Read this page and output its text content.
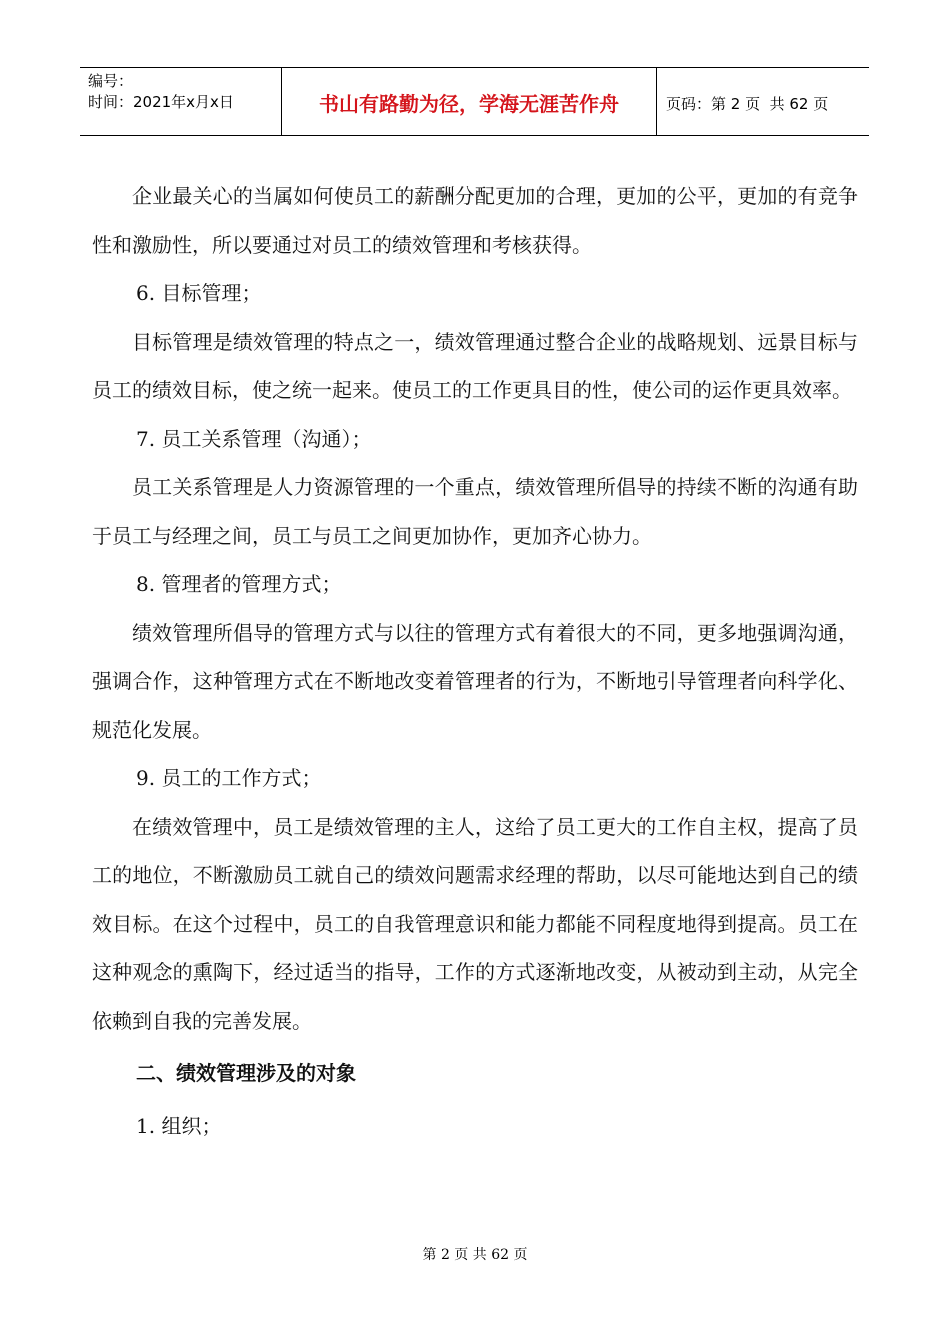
编号：
时间：2021年x月x日	书山有路勤为径，学海无涯苦作舟	页码：第 2 页  共 62 页

企业最关心的当属如何使员工的薪酬分配更加的合理，更加的公平，更加的有竞争性和激励性，所以要通过对员工的绩效管理和考核获得。

6. 目标管理；

目标管理是绩效管理的特点之一，绩效管理通过整合企业的战略规划、远景目标与员工的绩效目标，使之统一起来。使员工的工作更具目的性，使公司的运作更具效率。

7. 员工关系管理（沟通）；

员工关系管理是人力资源管理的一个重点，绩效管理所倡导的持续不断的沟通有助于员工与经理之间，员工与员工之间更加协作，更加齐心协力。

8. 管理者的管理方式；

绩效管理所倡导的管理方式与以往的管理方式有着很大的不同，更多地强调沟通，强调合作，这种管理方式在不断地改变着管理者的行为，不断地引导管理者向科学化、规范化发展。

9. 员工的工作方式；

在绩效管理中，员工是绩效管理的主人，这给了员工更大的工作自主权，提高了员工的地位，不断激励员工就自己的绩效问题需求经理的帮助，以尽可能地达到自己的绩效目标。在这个过程中，员工的自我管理意识和能力都能不同程度地得到提高。员工在这种观念的熏陶下，经过适当的指导，工作的方式逐渐地改变，从被动到主动，从完全依赖到自我的完善发展。

二、绩效管理涉及的对象

1. 组织；

第 2 页 共 62 页
